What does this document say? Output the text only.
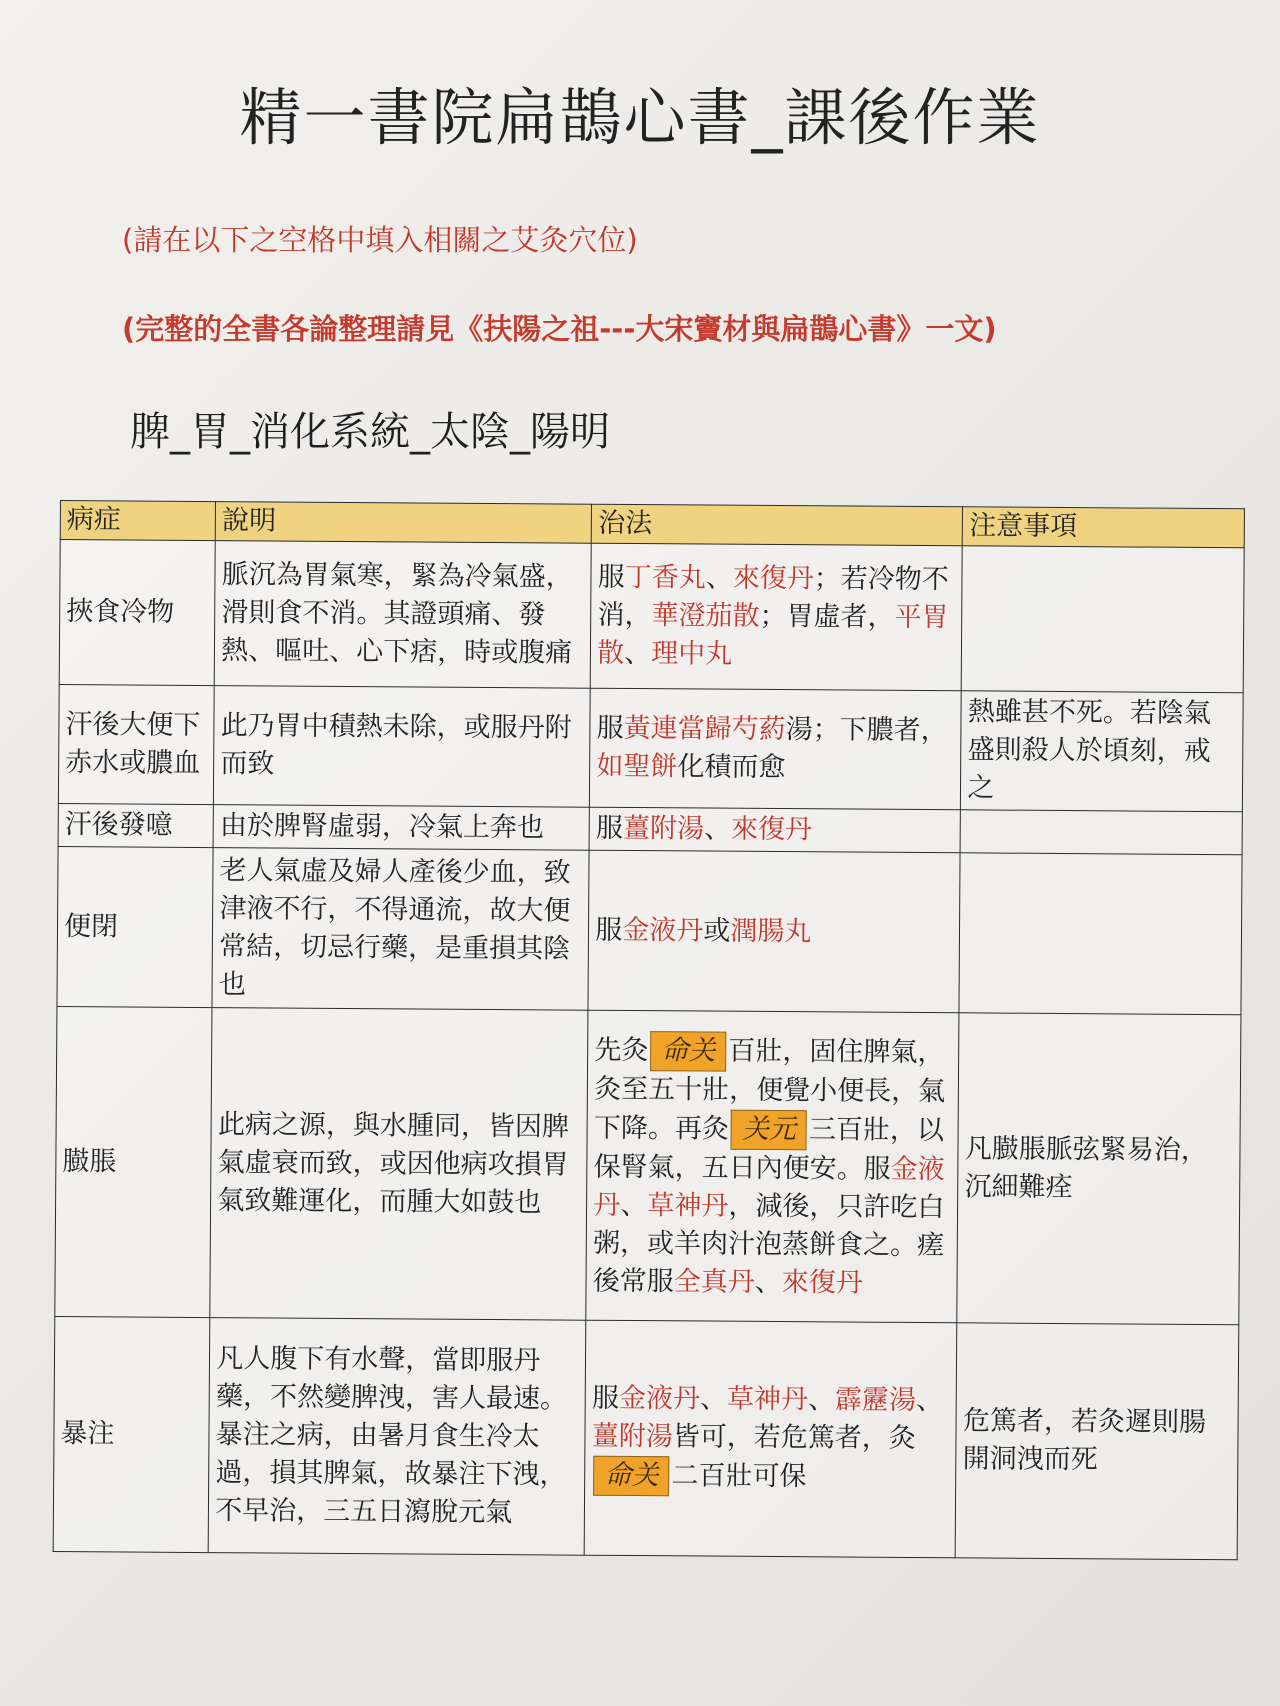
精一書院扁鵲心書_課後作業
(請在以下之空格中填入相關之艾灸穴位)
(完整的全書各論整理請見《扶陽之祖---大宋竇材與扁鵲心書》一文)
脾_胃_消化系統_太陰_陽明
病症	說明	治法	注意事項
挾食冷物	脈沉為胃氣寒，緊為冷氣盛，滑則食不消。其證頭痛、發熱、嘔吐、心下痞，時或腹痛	服丁香丸、來復丹；若冷物不消，華澄茄散；胃虛者，平胃散、理中丸	
汗後大便下赤水或膿血	此乃胃中積熱未除，或服丹附而致	服黃連當歸芍葯湯；下膿者，如聖餅化積而愈	熱雖甚不死。若陰氣盛則殺人於頃刻，戒之
汗後發噫	由於脾腎虛弱，冷氣上奔也	服薑附湯、來復丹	
便閉	老人氣虛及婦人產後少血，致津液不行，不得通流，故大便常結，切忌行藥，是重損其陰也	服金液丹或潤腸丸	
臌脹	此病之源，與水腫同，皆因脾氣虛衰而致，或因他病攻損胃氣致難運化，而腫大如鼓也	先灸 命关 百壯，固住脾氣，灸至五十壯，便覺小便長，氣下降。再灸 关元 三百壯，以保腎氣，五日內便安。服金液丹、草神丹，減後，只許吃白粥，或羊肉汁泡蒸餅食之。瘥後常服全真丹、來復丹	凡臌脹脈弦緊易治，沉細難痊
暴注	凡人腹下有水聲，當即服丹藥，不然變脾洩，害人最速。暴注之病，由暑月食生冷太過，損其脾氣，故暴注下洩，不早治，三五日瀉脫元氣	服金液丹、草神丹、霹靂湯、薑附湯皆可，若危篤者，灸命关 二百壯可保	危篤者，若灸遲則腸開洞洩而死
